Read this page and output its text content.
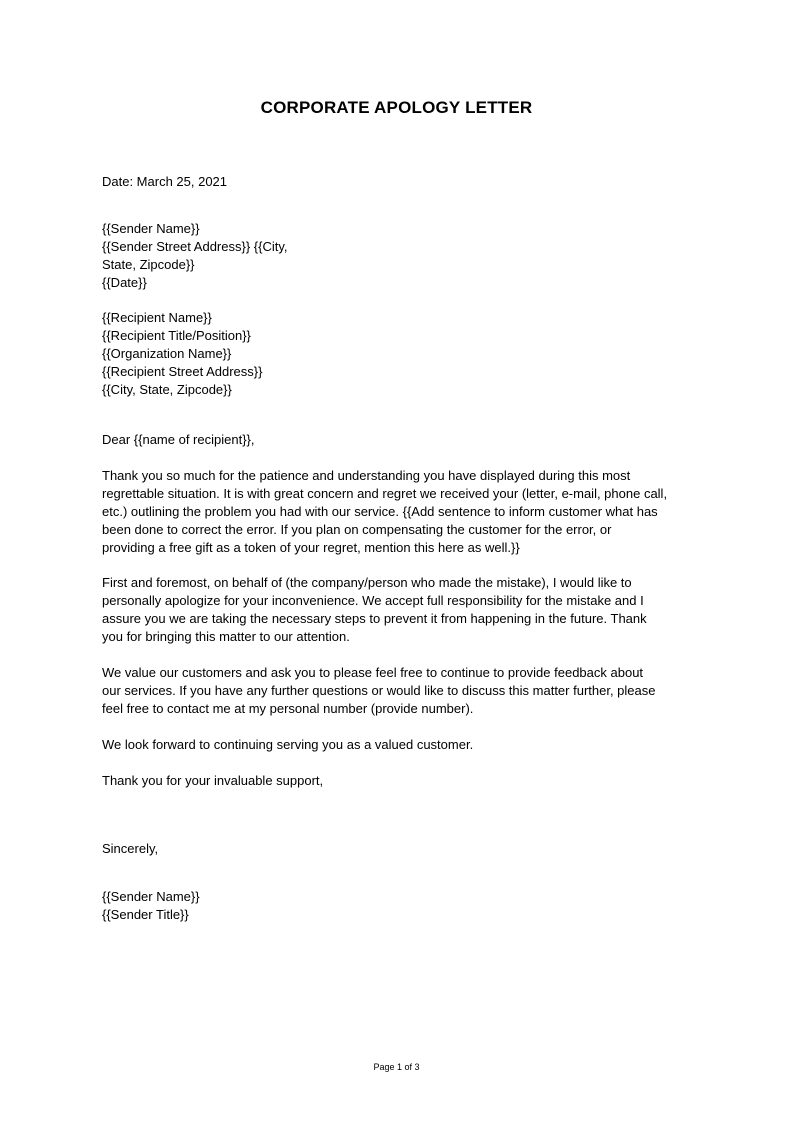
CORPORATE APOLOGY LETTER

Date: March 25, 2021

{{Sender Name}}
{{Sender Street Address}} {{City,
State, Zipcode}}
{{Date}}
{{Recipient Name}}
{{Recipient Title/Position}}
{{Organization Name}}
{{Recipient Street Address}}
{{City, State, Zipcode}}

Dear {{name of recipient}},

Thank you so much for the patience and understanding you have displayed during this most
regrettable situation. It is with great concern and regret we received your (letter, e-mail, phone call,
etc.) outlining the problem you had with our service. {{Add sentence to inform customer what has
been done to correct the error. If you plan on compensating the customer for the error, or
providing a free gift as a token of your regret, mention this here as well.}}
First and foremost, on behalf of (the company/person who made the mistake), I would like to
personally apologize for your inconvenience. We accept full responsibility for the mistake and I
assure you we are taking the necessary steps to prevent it from happening in the future. Thank
you for bringing this matter to our attention.
We value our customers and ask you to please feel free to continue to provide feedback about
our services. If you have any further questions or would like to discuss this matter further, please
feel free to contact me at my personal number (provide number).

We look forward to continuing serving you as a valued customer.

Thank you for your invaluable support,

Sincerely,

{{Sender Name}}
{{Sender Title}}

Page 1 of 3
